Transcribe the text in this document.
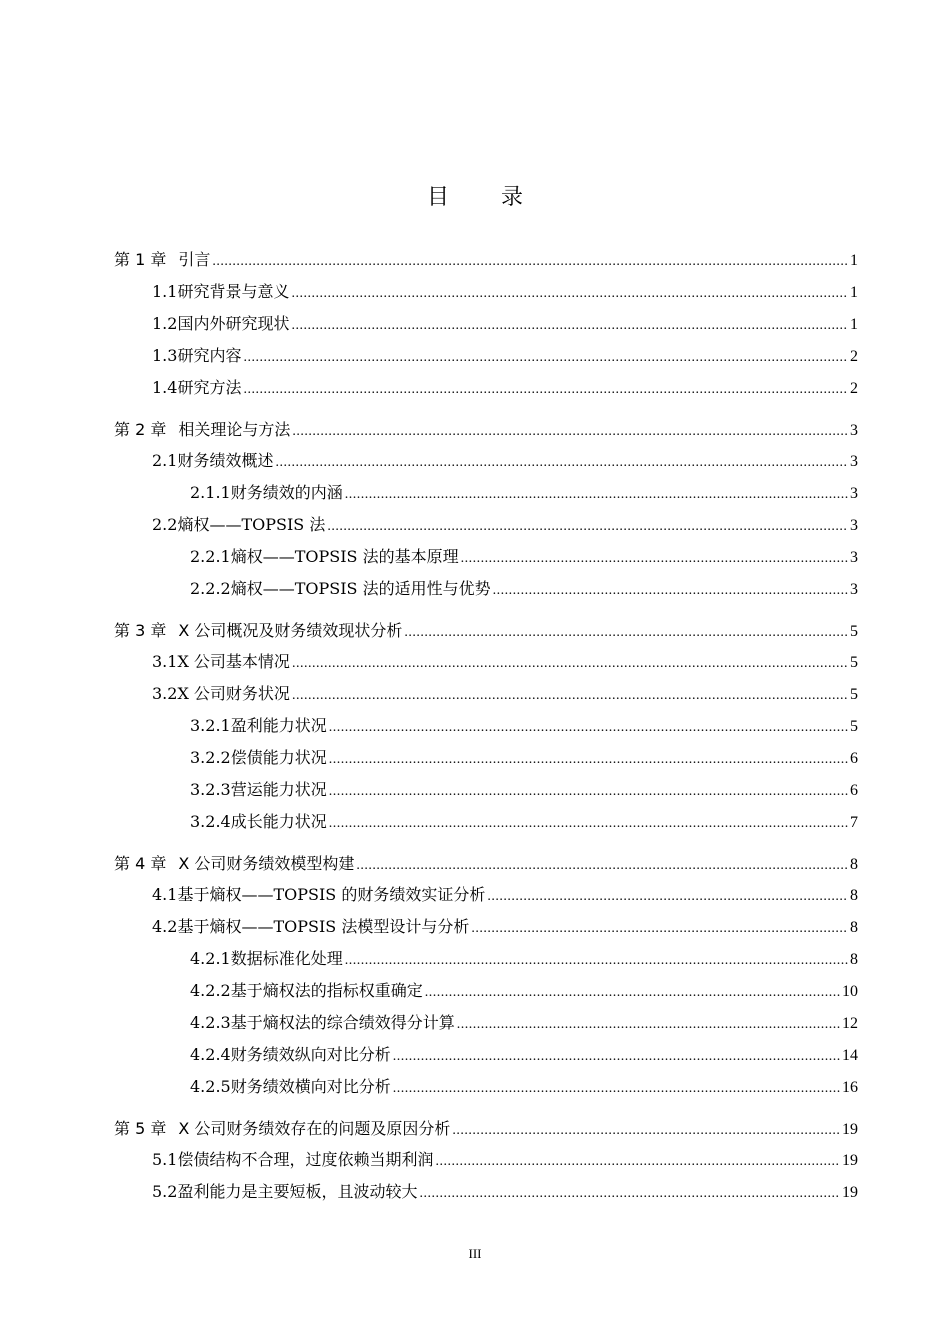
目 录
第 1 章 引言 .....	1
1.1 研究背景与意义 .....	1
1.2 国内外研究现状 .....	1
1.3 研究内容 .....	2
1.4 研究方法 .....	2
第 2 章 相关理论与方法 .....	3
2.1 财务绩效概述 .....	3
2.1.1 财务绩效的内涵 .....	3
2.2 熵权——TOPSIS 法 .....	3
2.2.1 熵权——TOPSIS 法的基本原理 .....	3
2.2.2 熵权——TOPSIS 法的适用性与优势 .....	3
第 3 章 X 公司概况及财务绩效现状分析 .....	5
3.1 X 公司基本情况 .....	5
3.2 X 公司财务状况 .....	5
3.2.1 盈利能力状况 .....	5
3.2.2 偿债能力状况 .....	6
3.2.3 营运能力状况 .....	6
3.2.4 成长能力状况 .....	7
第 4 章 X 公司财务绩效模型构建 .....	8
4.1 基于熵权——TOPSIS 的财务绩效实证分析 .....	8
4.2 基于熵权——TOPSIS 法模型设计与分析 .....	8
4.2.1 数据标准化处理 .....	8
4.2.2 基于熵权法的指标权重确定 .....	10
4.2.3 基于熵权法的综合绩效得分计算 .....	12
4.2.4 财务绩效纵向对比分析 .....	14
4.2.5 财务绩效横向对比分析 .....	16
第 5 章 X 公司财务绩效存在的问题及原因分析 .....	19
5.1 偿债结构不合理，过度依赖当期利润 .....	19
5.2 盈利能力是主要短板，且波动较大 .....	19
III
